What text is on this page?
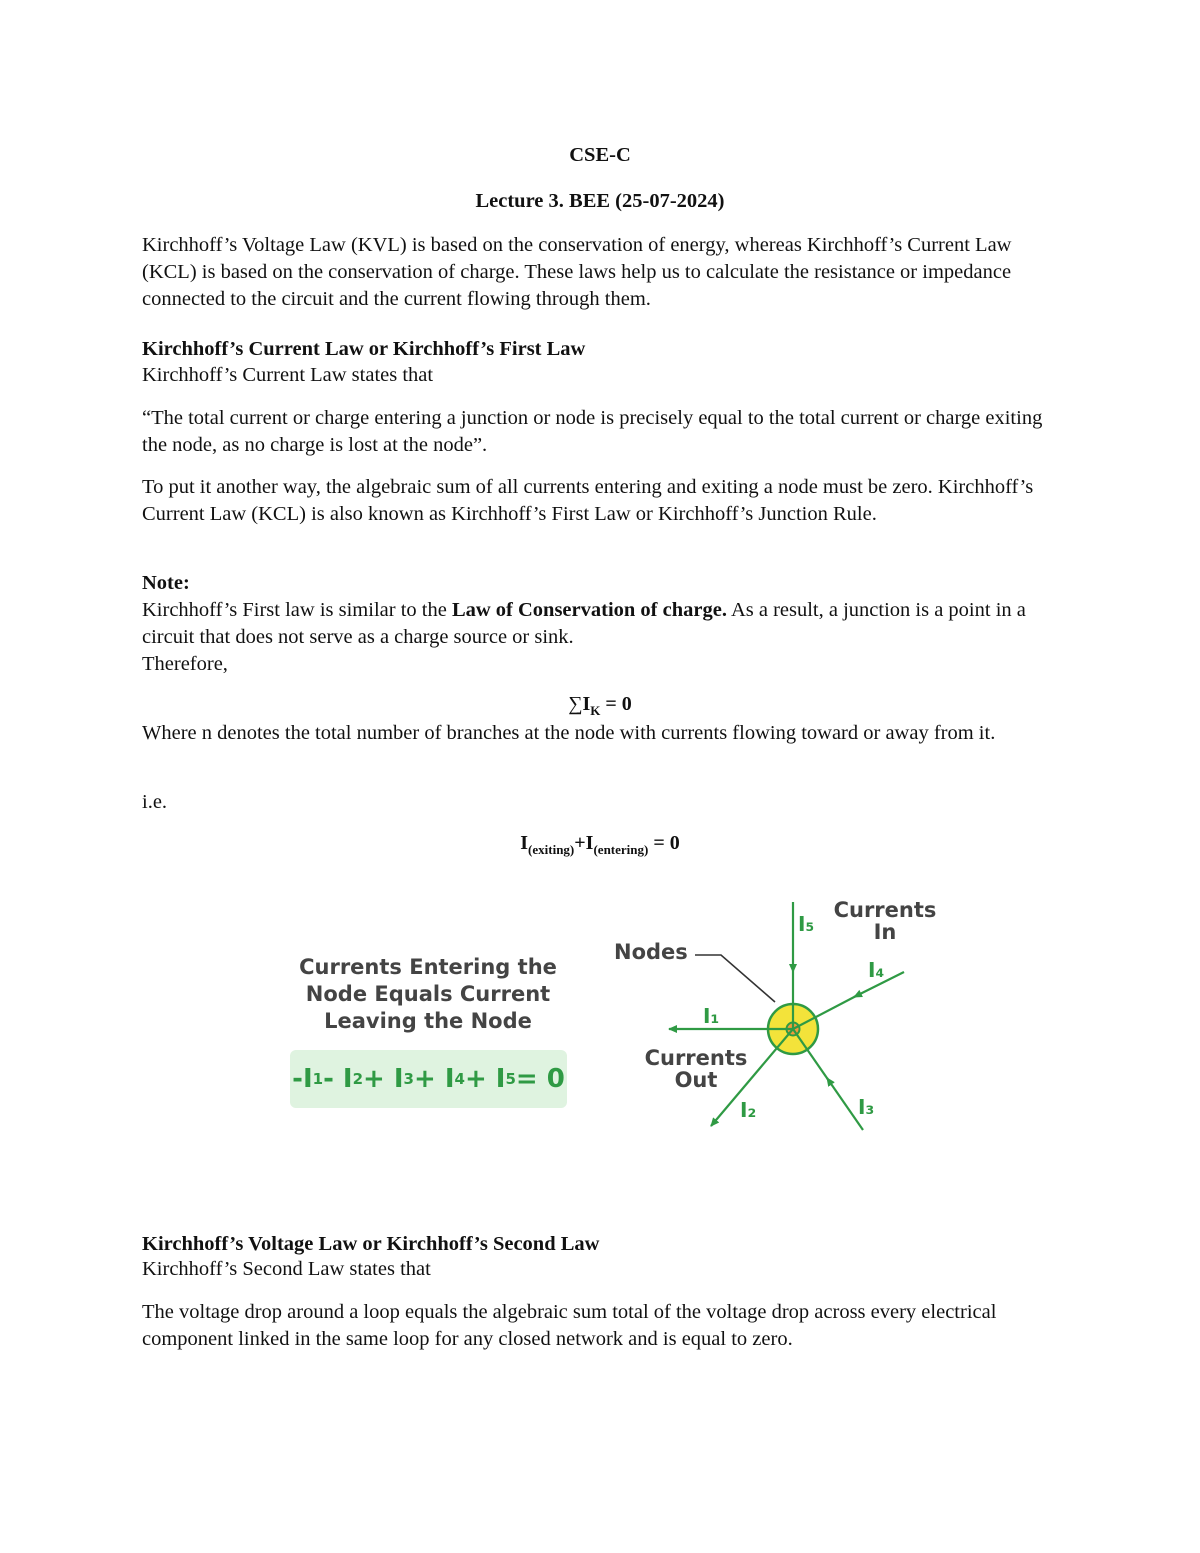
CSE-C
Lecture 3. BEE (25-07-2024)
Kirchhoff’s Voltage Law (KVL) is based on the conservation of energy, whereas Kirchhoff’s Current Law (KCL) is based on the conservation of charge. These laws help us to calculate the resistance or impedance connected to the circuit and the current flowing through them.
Kirchhoff’s Current Law or Kirchhoff’s First Law
Kirchhoff’s Current Law states that
“The total current or charge entering a junction or node is precisely equal to the total current or charge exiting the node, as no charge is lost at the node”.
To put it another way, the algebraic sum of all currents entering and exiting a node must be zero. Kirchhoff’s Current Law (KCL) is also known as Kirchhoff’s First Law or Kirchhoff’s Junction Rule.
Note:
Kirchhoff’s First law is similar to the Law of Conservation of charge. As a result, a junction is a point in a circuit that does not serve as a charge source or sink.
Therefore,
$\sum I_K = 0$
Where n denotes the total number of branches at the node with currents flowing toward or away from it.
i.e.
$I_{(exiting)}+I_{(entering)} = 0$
Currents Entering the
Node Equals Current
Leaving the Node
-I 1 - I 2 + I 3 + I 4 + I 5 = 0
Nodes
Currents
In
Currents
Out
I₅
I₄
I₁
I₂	I₃
Kirchhoff’s Voltage Law or Kirchhoff’s Second Law
Kirchhoff’s Second Law states that
The voltage drop around a loop equals the algebraic sum total of the voltage drop across every electrical component linked in the same loop for any closed network and is equal to zero.
